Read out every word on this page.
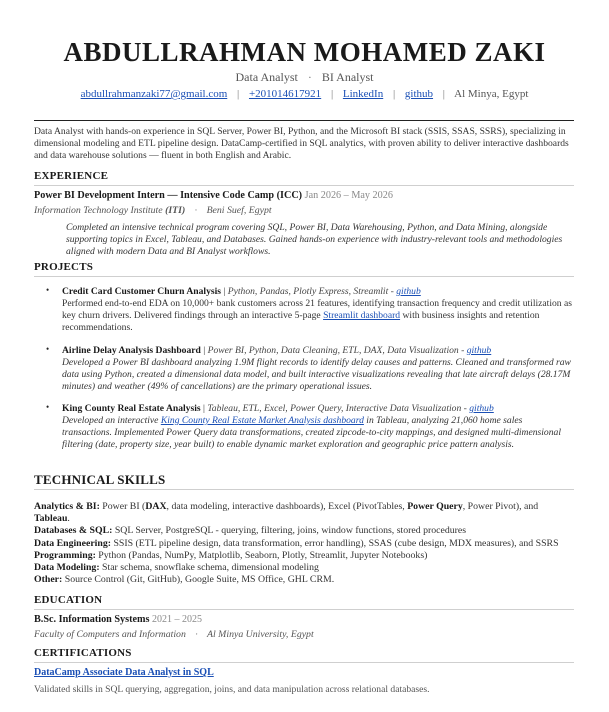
ABDULLRAHMAN MOHAMED ZAKI
Data Analyst · BI Analyst
abdullrahmanzaki77@gmail.com | +201014617921 | LinkedIn | github | Al Minya, Egypt
Data Analyst with hands-on experience in SQL Server, Power BI, Python, and the Microsoft BI stack (SSIS, SSAS, SSRS), specializing in dimensional modeling and ETL pipeline design. DataCamp-certified in SQL analytics, with proven ability to deliver interactive dashboards and data warehouse solutions — fluent in both English and Arabic.
EXPERIENCE
Power BI Development Intern — Intensive Code Camp (ICC) Jan 2026 – May 2026
Information Technology Institute (ITI) · Beni Suef, Egypt
Completed an intensive technical program covering SQL, Power BI, Data Warehousing, Python, and Data Mining, alongside supporting topics in Excel, Tableau, and Databases. Gained hands-on experience with industry-relevant tools and methodologies aligned with modern Data and BI Analyst workflows.
PROJECTS
• Credit Card Customer Churn Analysis | Python, Pandas, Plotly Express, Streamlit - github
Performed end-to-end EDA on 10,000+ bank customers across 21 features, identifying transaction frequency and credit utilization as key churn drivers. Delivered findings through an interactive 5-page Streamlit dashboard with business insights and retention recommendations.
• Airline Delay Analysis Dashboard | Power BI, Python, Data Cleaning, ETL, DAX, Data Visualization - github
Developed a Power BI dashboard analyzing 1.9M flight records to identify delay causes and patterns. Cleaned and transformed raw data using Python, created a dimensional data model, and built interactive visualizations revealing that late aircraft delays (28.17M minutes) and weather (49% of cancellations) are the primary operational issues.
• King County Real Estate Analysis | Tableau, ETL, Excel, Power Query, Interactive Data Visualization - github
Developed an interactive King County Real Estate Market Analysis dashboard in Tableau, analyzing 21,060 home sales transactions. Implemented Power Query data transformations, created zipcode-to-city mappings, and designed multi-dimensional filtering (date, property size, year built) to enable dynamic market exploration and geographic price pattern analysis.
TECHNICAL SKILLS
Analytics & BI: Power BI (DAX, data modeling, interactive dashboards), Excel (PivotTables, Power Query, Power Pivot), and Tableau.
Databases & SQL: SQL Server, PostgreSQL - querying, filtering, joins, window functions, stored procedures
Data Engineering: SSIS (ETL pipeline design, data transformation, error handling), SSAS (cube design, MDX measures), and SSRS
Programming: Python (Pandas, NumPy, Matplotlib, Seaborn, Plotly, Streamlit, Jupyter Notebooks)
Data Modeling: Star schema, snowflake schema, dimensional modeling
Other: Source Control (Git, GitHub), Google Suite, MS Office, GHL CRM.
EDUCATION
B.Sc. Information Systems 2021 – 2025
Faculty of Computers and Information · Al Minya University, Egypt
CERTIFICATIONS
DataCamp Associate Data Analyst in SQL
Validated skills in SQL querying, aggregation, joins, and data manipulation across relational databases.
